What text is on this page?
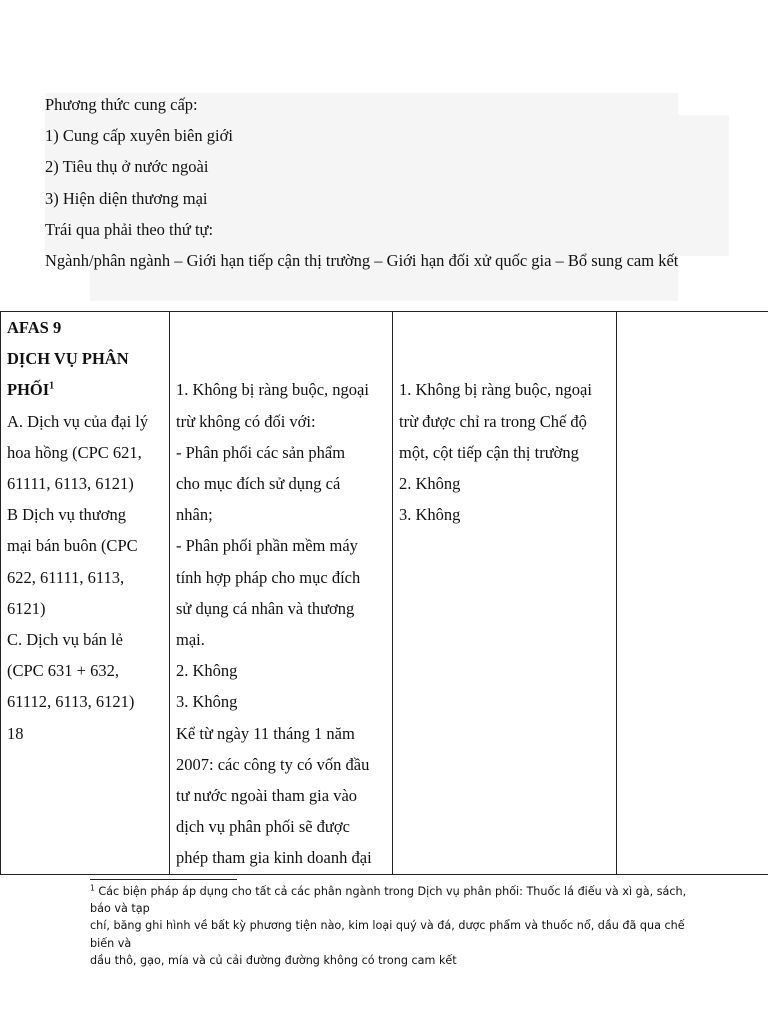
Phương thức cung cấp:
1) Cung cấp xuyên biên giới
2) Tiêu thụ ở nước ngoài
3) Hiện diện thương mại
Trái qua phải theo thứ tự:
Ngành/phân ngành – Giới hạn tiếp cận thị trường – Giới hạn đối xử quốc gia – Bổ sung cam kết
AFAS 9
DỊCH VỤ PHÂN
PHỐI$^1$
A. Dịch vụ của đại lý
hoa hồng (CPC 621,
61111, 6113, 6121)
B Dịch vụ thương
mại bán buôn (CPC
622, 61111, 6113,
6121)
C. Dịch vụ bán lẻ
(CPC 631 + 632,
61112, 6113, 6121)
18

1. Không bị ràng buộc, ngoại
trừ không có đối với:
- Phân phối các sản phẩm
cho mục đích sử dụng cá
nhân;
- Phân phối phần mềm máy
tính hợp pháp cho mục đích
sử dụng cá nhân và thương
mại.
2. Không
3. Không
Kể từ ngày 11 tháng 1 năm
2007: các công ty có vốn đầu
tư nước ngoài tham gia vào
dịch vụ phân phối sẽ được
phép tham gia kinh doanh đại

1. Không bị ràng buộc, ngoại
trừ được chỉ ra trong Chế độ
một, cột tiếp cận thị trường
2. Không
3. Không

$^1$ Các biện pháp áp dụng cho tất cả các phân ngành trong Dịch vụ phân phối: Thuốc lá điếu và xì gà, sách, báo và tạp
chí, băng ghi hình về bất kỳ phương tiện nào, kim loại quý và đá, dược phẩm và thuốc nổ, dầu đã qua chế biến và
dầu thô, gạo, mía và củ cải đường đường không có trong cam kết
